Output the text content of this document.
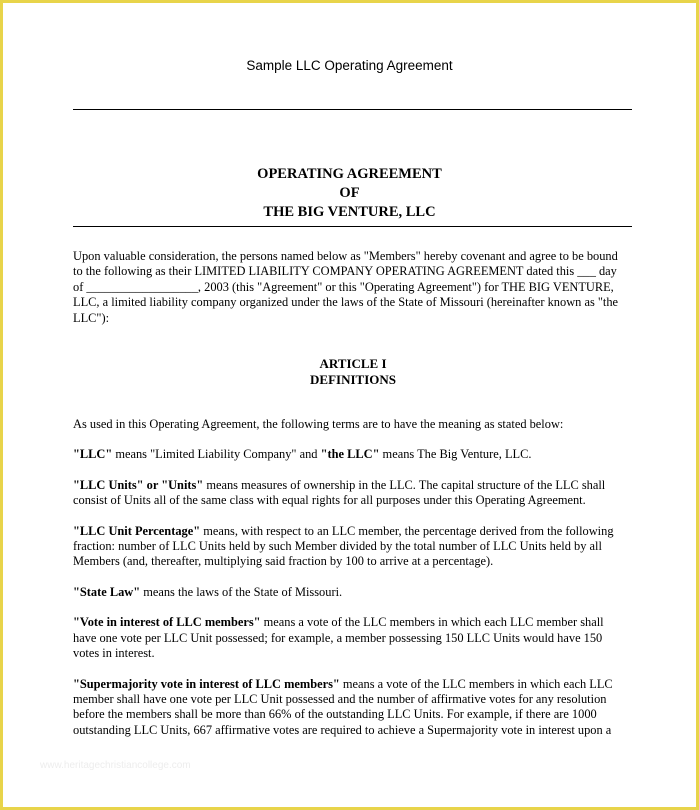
Sample LLC Operating Agreement
OPERATING AGREEMENT
OF
THE BIG VENTURE, LLC

Upon valuable consideration, the persons named below as "Members" hereby covenant and agree to be bound
to the following as their LIMITED LIABILITY COMPANY OPERATING AGREEMENT dated this ___ day
of __________________, 2003 (this "Agreement" or this "Operating Agreement") for THE BIG VENTURE,
LLC, a limited liability company organized under the laws of the State of Missouri (hereinafter known as "the
LLC"):

ARTICLE I
DEFINITIONS

As used in this Operating Agreement, the following terms are to have the meaning as stated below:

"LLC" means "Limited Liability Company" and "the LLC" means The Big Venture, LLC.

"LLC Units" or "Units" means measures of ownership in the LLC. The capital structure of the LLC shall
consist of Units all of the same class with equal rights for all purposes under this Operating Agreement.

"LLC Unit Percentage" means, with respect to an LLC member, the percentage derived from the following
fraction: number of LLC Units held by such Member divided by the total number of LLC Units held by all
Members (and, thereafter, multiplying said fraction by 100 to arrive at a percentage).

"State Law" means the laws of the State of Missouri.

"Vote in interest of LLC members" means a vote of the LLC members in which each LLC member shall
have one vote per LLC Unit possessed; for example, a member possessing 150 LLC Units would have 150
votes in interest.

"Supermajority vote in interest of LLC members" means a vote of the LLC members in which each LLC
member shall have one vote per LLC Unit possessed and the number of affirmative votes for any resolution
before the members shall be more than 66% of the outstanding LLC Units. For example, if there are 1000
outstanding LLC Units, 667 affirmative votes are required to achieve a Supermajority vote in interest upon a

www.heritagechristiancollege.com
